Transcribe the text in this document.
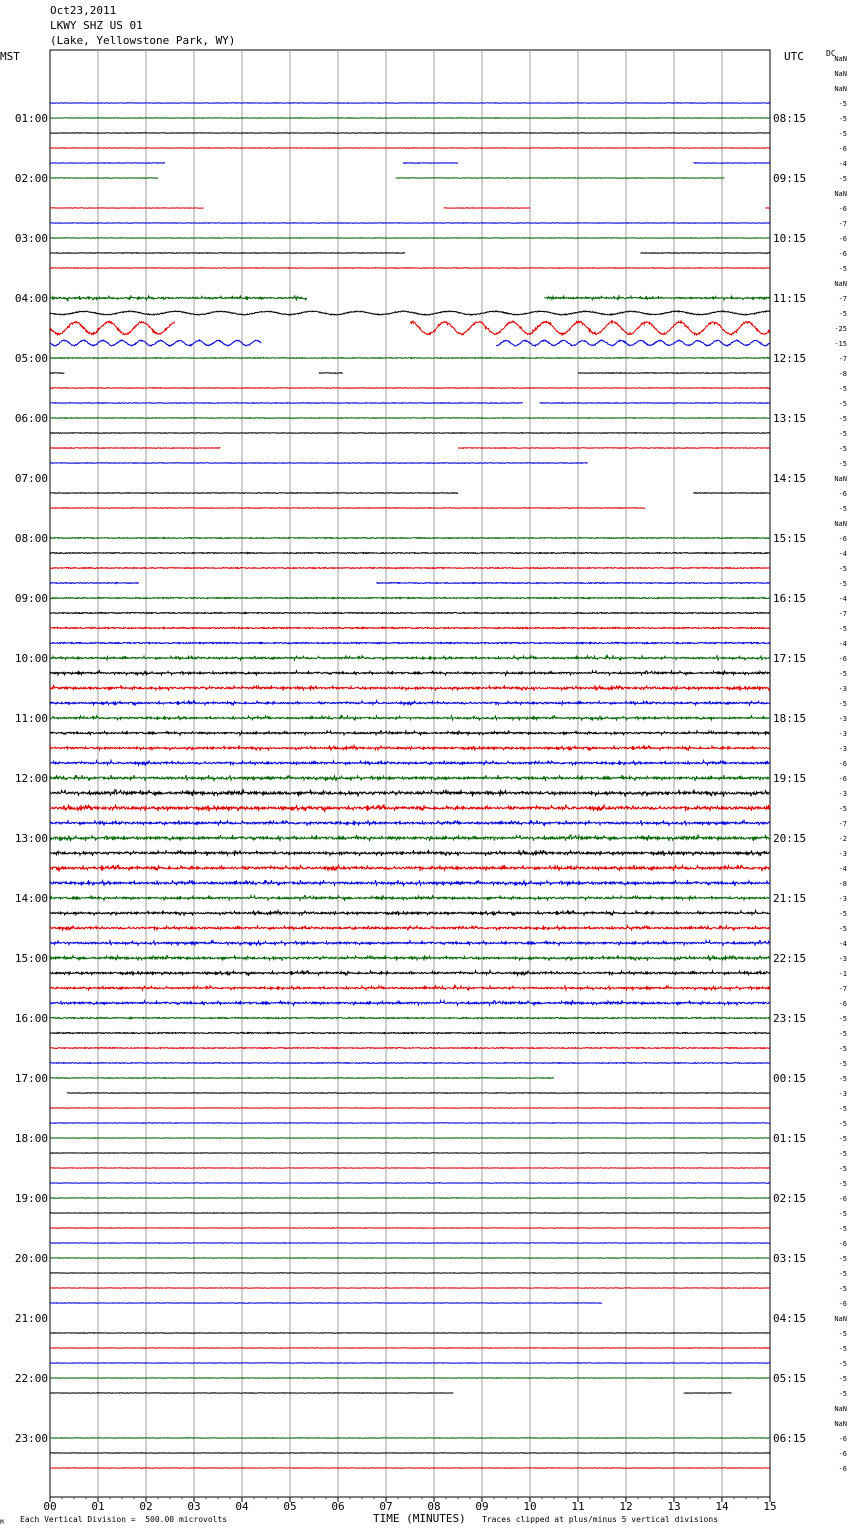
Oct23,2011
LKWY SHZ US 01
(Lake, Yellowstone Park, WY)
MST	UTC	DC
00	01	02	03	04	05	06	07	08	09	10	11	12	13	14	15
01:00	08:15
02:00	09:15
03:00	10:15
04:00	11:15
05:00	12:15
06:00	13:15
07:00	14:15
08:00	15:15
09:00	16:15
10:00	17:15
11:00	18:15
12:00	19:15
13:00	20:15
14:00	21:15
15:00	22:15
16:00	23:15
17:00	00:15
18:00	01:15
19:00	02:15
20:00	03:15
21:00	04:15
22:00	05:15
23:00	06:15
NaN
NaN
NaN
-5
-5
-5
-6
-4
-5
NaN
-6
-7
-6
-6
-5
NaN
-7
-5
-25
-15
-7
-8
-5
-5
-5
-5
-5
-5
NaN
-6
-5
NaN
-6
-4
-5
-5
-4
-7
-5
-4
-6
-5
-3
-5
-3
-3
-3
-6
-6
-3
-5
-7
-2
-3
-4
-8
-3
-5
-5
-4
-3
-1
-7
-6
-5
-5
-5
-5
-5
-3
-5
-5
-5
-5
-5
-5
-6
-5
-5
-6
-5
-5
-5
-6
NaN
-5
-5
-5
-5
-5
NaN
NaN
-6
-6
-6
TIME (MINUTES)
M Each Vertical Division =  500.00 microvolts	Traces clipped at plus/minus 5 vertical divisions
